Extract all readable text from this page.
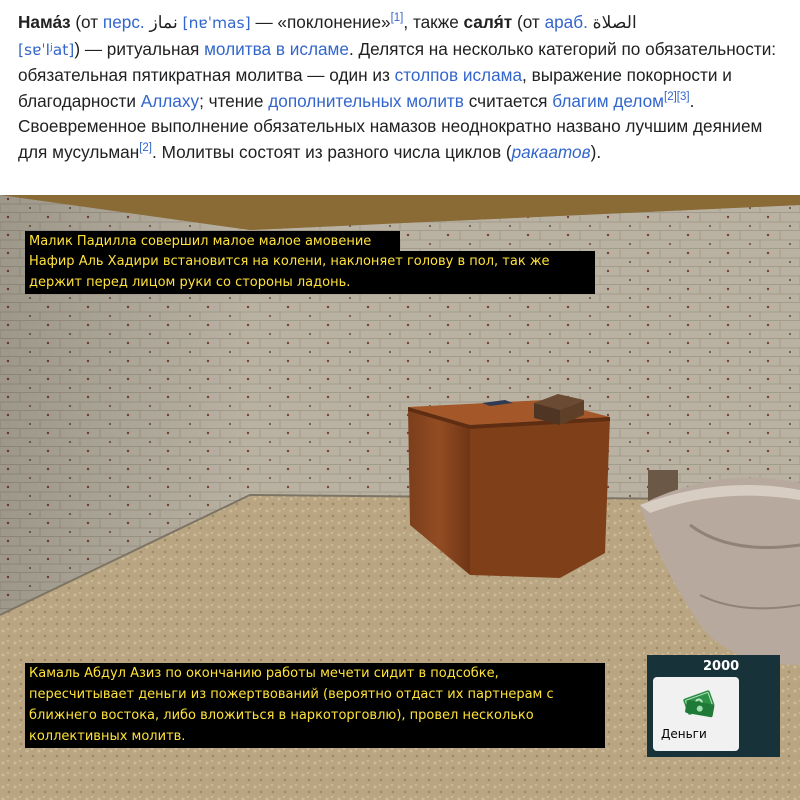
Нама́з (от перс. نماز [nɐˈmas] — «поклонение»[1], также саля́т (от араб. الصلاة
[sɐˈlʲat]) — ритуальная молитва в исламе. Делятся на несколько категорий по обязательности: обязательная пятикратная молитва — один из столпов ислама, выражение покорности и благодарности Аллаху; чтение дополнительных молитв считается благим делом[2][3]. Своевременное выполнение обязательных намазов неоднократно названо лучшим деянием для мусульман[2]. Молитвы состоят из разного числа циклов (ракаатов).
Малик Падилла совершил малое малое амовение
Нафир Аль Хадири встановится на колени, наклоняет голову в пол, так же держит перед лицом руки со стороны ладонь.
Камаль Абдул Азиз по окончанию работы мечети сидит в подсобке, пересчитывает деньги из пожертвований (вероятно отдаст их партнерам с ближнего востока, либо вложиться в наркоторговлю), провел несколько коллективных молитв.
2000
Деньги
